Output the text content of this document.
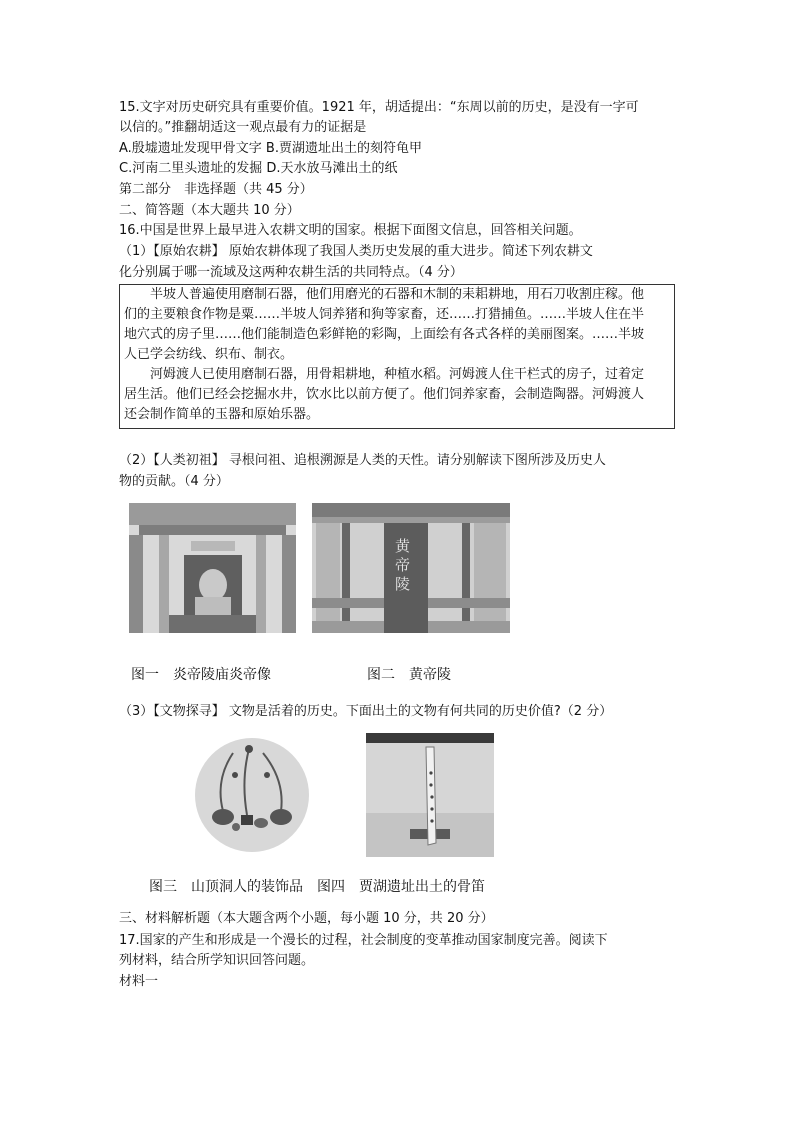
15.文字对历史研究具有重要价值。1921 年，胡适提出：“东周以前的历史，是没有一字可
以信的。”推翻胡适这一观点最有力的证据是
A.殷墟遗址发现甲骨文字 B.贾湖遗址出土的刻符龟甲
C.河南二里头遗址的发掘 D.天水放马滩出土的纸
第二部分　非选择题（共 45 分）
二、简答题（本大题共 10 分）
16.中国是世界上最早进入农耕文明的国家。根据下面图文信息，回答相关问题。
（1）【原始农耕】 原始农耕体现了我国人类历史发展的重大进步。简述下列农耕文
化分别属于哪一流域及这两种农耕生活的共同特点。（4 分）
　　半坡人普遍使用磨制石器，他们用磨光的石器和木制的耒耜耕地，用石刀收割庄稼。他
们的主要粮食作物是粟……半坡人饲养猪和狗等家畜，还……打猎捕鱼。……半坡人住在半
地穴式的房子里……他们能制造色彩鲜艳的彩陶，上面绘有各式各样的美丽图案。……半坡
人已学会纺线、织布、制衣。
　　河姆渡人已使用磨制石器，用骨耜耕地，种植水稻。河姆渡人住干栏式的房子，过着定
居生活。他们已经会挖掘水井，饮水比以前方便了。他们饲养家畜，会制造陶器。河姆渡人
还会制作简单的玉器和原始乐器。
（2）【人类初祖】 寻根问祖、追根溯源是人类的天性。请分别解读下图所涉及历史人
物的贡献。（4 分）
黄帝陵
图一　炎帝陵庙炎帝像	图二　黄帝陵
（3）【文物探寻】 文物是活着的历史。下面出土的文物有何共同的历史价值?（2 分）
图三　山顶洞人的装饰品　图四　贾湖遗址出土的骨笛
三、材料解析题（本大题含两个小题，每小题 10 分，共 20 分）
17.国家的产生和形成是一个漫长的过程，社会制度的变革推动国家制度完善。阅读下
列材料，结合所学知识回答问题。
材料一
